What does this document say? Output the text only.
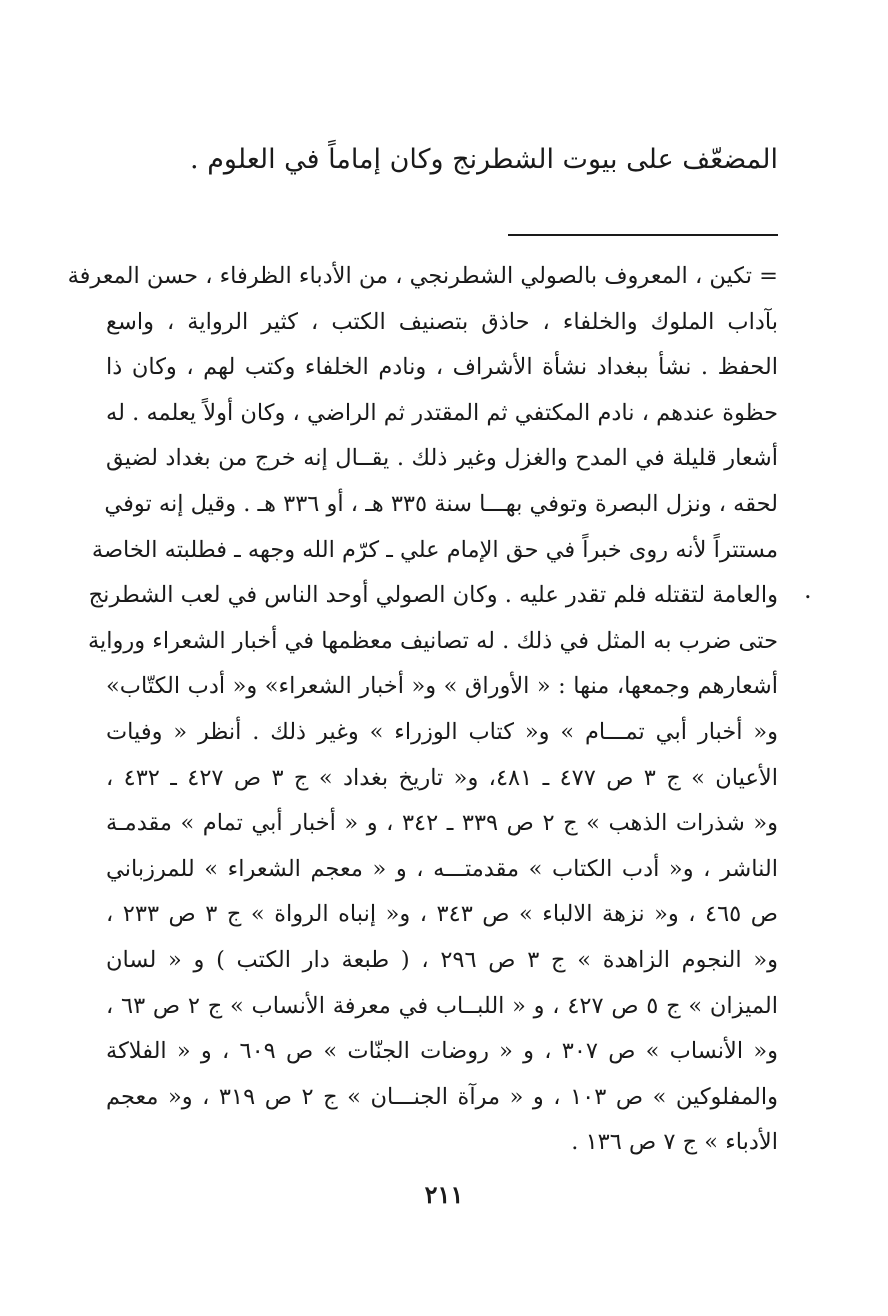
المضعّف على بيوت الشطرنج وكان إماماً في العلوم .
= تكين ، المعروف بالصولي الشطرنجي ، من الأدباء الظرفاء ، حسن المعرفة
بآداب الملوك والخلفاء ، حاذق بتصنيف الكتب ، كثير الرواية ، واسع
الحفظ . نشأ ببغداد نشأة الأشراف ، ونادم الخلفاء وكتب لهم ، وكان ذا
حظوة عندهم ، نادم المكتفي ثم المقتدر ثم الراضي ، وكان أولاً يعلمه . له
أشعار قليلة في المدح والغزل وغير ذلك . يقــال إنه خرج من بغداد لضيق
لحقه ، ونزل البصرة وتوفي بهـــا سنة ٣٣٥ هـ ، أو ٣٣٦ هـ . وقيل إنه توفي
مستتراً لأنه روى خبراً في حق الإمام علي ـ كرّم الله وجهه ـ فطلبته الخاصة
والعامة لتقتله فلم تقدر عليه . وكان الصولي أوحد الناس في لعب الشطرنج
حتى ضرب به المثل في ذلك . له تصانيف معظمها في أخبار الشعراء ورواية
أشعارهم وجمعها، منها : « الأوراق » و« أخبار الشعراء» و« أدب الكتّاب»
و« أخبار أبي تمـــام » و« كتاب الوزراء » وغير ذلك . أنظر « وفيات
الأعيان » ج ٣ ص ٤٧٧ ـ ٤٨١، و« تاريخ بغداد » ج ٣ ص ٤٢٧ ـ ٤٣٢ ،
و« شذرات الذهب » ج ٢ ص ٣٣٩ ـ ٣٤٢ ، و « أخبار أبي تمام » مقدمـة
الناشر ، و« أدب الكتاب » مقدمتـــه ، و « معجم الشعراء » للمرزباني
ص ٤٦٥ ، و« نزهة الالباء » ص ٣٤٣ ، و« إنباه الرواة » ج ٣ ص ٢٣٣ ،
و« النجوم الزاهدة » ج ٣ ص ٢٩٦ ، ( طبعة دار الكتب ) و « لسان
الميزان » ج ٥ ص ٤٢٧ ، و « اللبــاب في معرفة الأنساب » ج ٢ ص ٦٣ ،
و« الأنساب » ص ٣٠٧ ، و « روضات الجنّات » ص ٦٠٩ ، و « الفلاكة
والمفلوكين » ص ١٠٣ ، و « مرآة الجنـــان » ج ٢ ص ٣١٩ ، و« معجم
الأدباء » ج ٧ ص ١٣٦ .
.
٢١١
